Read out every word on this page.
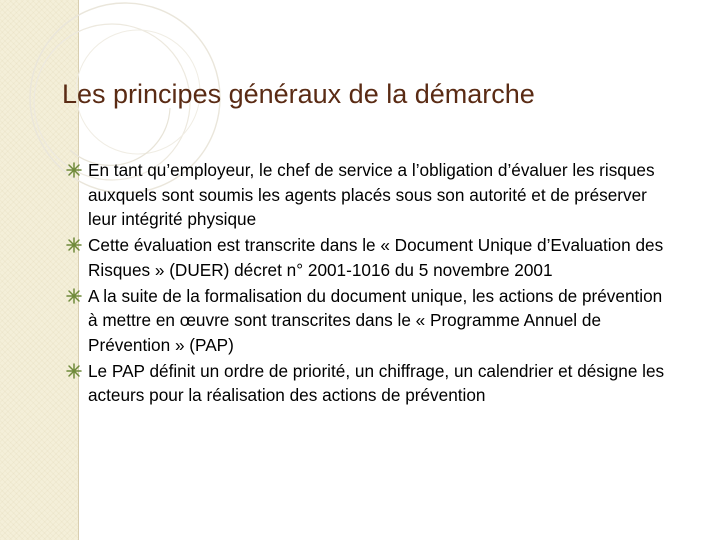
Les principes généraux de la démarche
En tant qu’employeur, le chef de service a l’obligation d’évaluer les risques auxquels sont soumis les agents placés sous son autorité et de préserver leur intégrité physique
Cette évaluation est transcrite dans le « Document Unique d’Evaluation des Risques » (DUER) décret n° 2001-1016 du 5 novembre 2001
A la suite de la formalisation du document unique, les actions de prévention à mettre en œuvre sont transcrites dans le « Programme Annuel de Prévention » (PAP)
Le PAP définit un ordre de priorité, un chiffrage, un calendrier et désigne les acteurs pour la réalisation des actions de prévention
